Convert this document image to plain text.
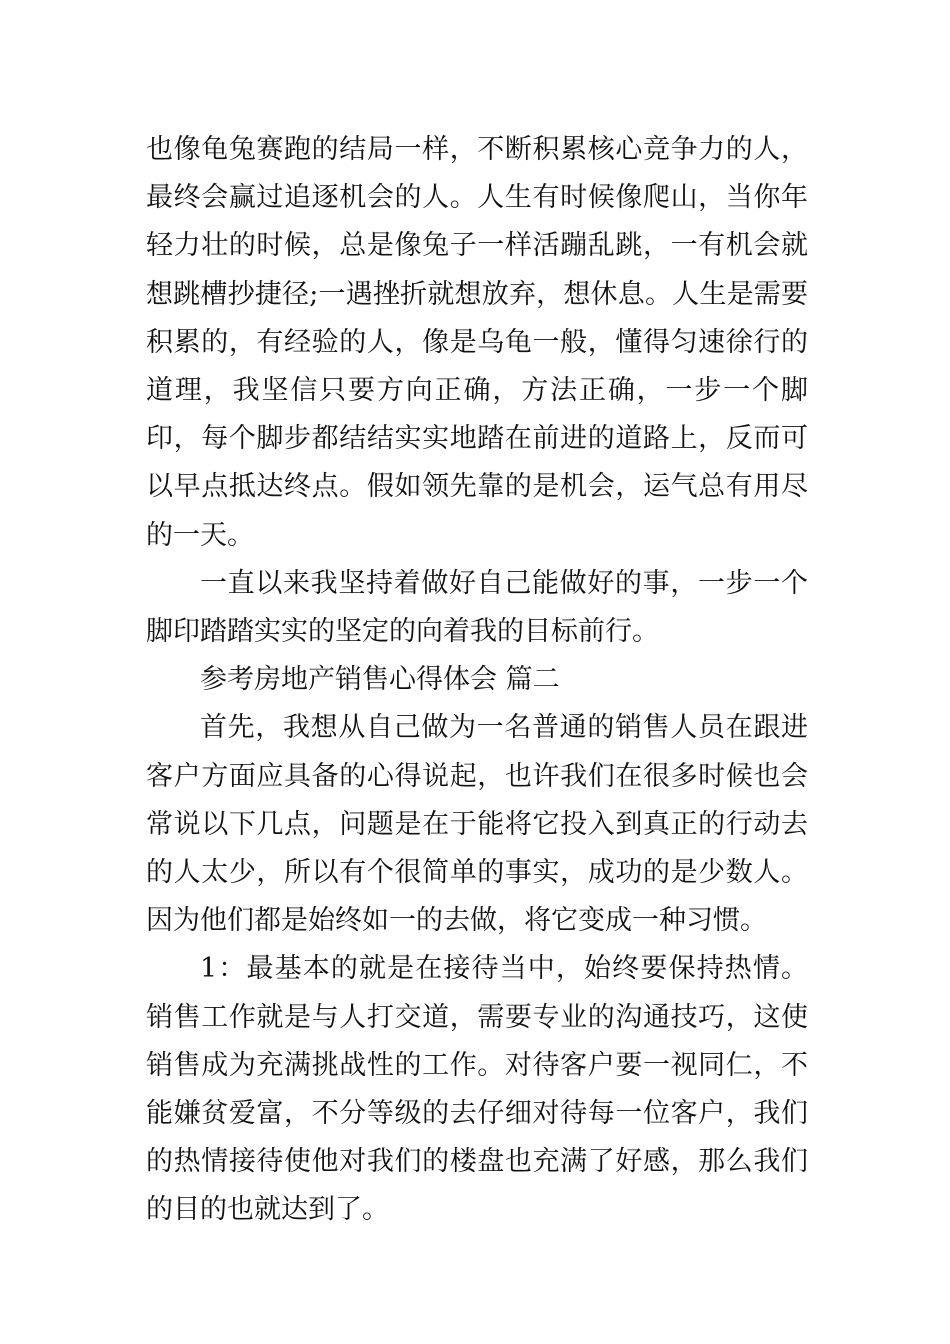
也像龟兔赛跑的结局一样，不断积累核心竞争力的人，最终会赢过追逐机会的人。人生有时候像爬山，当你年轻力壮的时候，总是像兔子一样活蹦乱跳，一有机会就想跳槽抄捷径;一遇挫折就想放弃，想休息。人生是需要积累的，有经验的人，像是乌龟一般，懂得匀速徐行的道理，我坚信只要方向正确，方法正确，一步一个脚印，每个脚步都结结实实地踏在前进的道路上，反而可以早点抵达终点。假如领先靠的是机会，运气总有用尽的一天。

一直以来我坚持着做好自己能做好的事，一步一个脚印踏踏实实的坚定的向着我的目标前行。

参考房地产销售心得体会 篇二

首先，我想从自己做为一名普通的销售人员在跟进客户方面应具备的心得说起，也许我们在很多时候也会常说以下几点，问题是在于能将它投入到真正的行动去的人太少，所以有个很简单的事实，成功的是少数人。因为他们都是始终如一的去做，将它变成一种习惯。

1：最基本的就是在接待当中，始终要保持热情。销售工作就是与人打交道，需要专业的沟通技巧，这使销售成为充满挑战性的工作。对待客户要一视同仁，不能嫌贫爱富，不分等级的去仔细对待每一位客户，我们的热情接待使他对我们的楼盘也充满了好感，那么我们的目的也就达到了。
